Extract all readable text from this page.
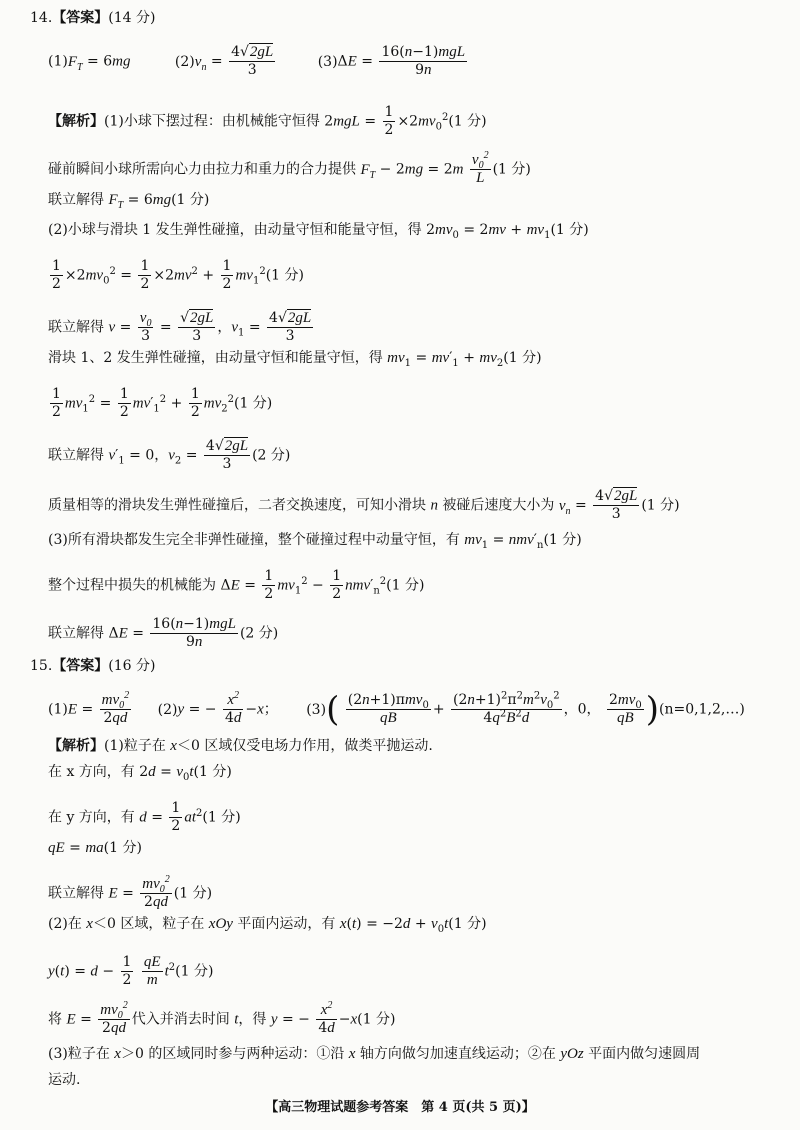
14.【答案】(14 分)
$(1)F_T = 6mg$	$(2)v_n = \frac{4√2gL}{3}$	$(3)\Delta E = \frac{\text{16(n−1)mgL}}{9n}$
【解析】(1)小球下摆过程：由机械能守恒得 $2mgL = \frac{1}{2} \times 2mv_0^2(1$ 分)
碰前瞬间小球所需向心力由拉力和重力的合力提供 $F_T - 2mg = 2m \frac{v_0^2}{L} (1$ 分)
联立解得 $F_T = 6mg(1$ 分)
(2)小球与滑块 1 发生弹性碰撞，由动量守恒和能量守恒，得 $2mv_0 = 2mv + mv_1(1$ 分)
$\frac{1}{2} \times 2mv_0^2 = \frac{1}{2} \times 2mv^2 + \frac{1}{2} mv_1^2(1$ 分)
联立解得 $v = \frac{v_0}{3} = \frac{√2gL}{3}$ ，$v_1 = \frac{4√2gL}{3}$
滑块 1、2 发生弹性碰撞，由动量守恒和能量守恒，得 $mv_1 = mv'_1 + mv_2(1$ 分)
$\frac{1}{2} mv_1^2 = \frac{1}{2} mv'_1^2 + \frac{1}{2} mv_2^2(1$ 分)
联立解得 $v'_1 = 0$，$v_2 = \frac{4√2gL}{3} (2$ 分)
质量相等的滑块发生弹性碰撞后，二者交换速度，可知小滑块 n 被碰后速度大小为 $v_n = \frac{4√2gL}{3} (1$ 分)
(3)所有滑块都发生完全非弹性碰撞，整个碰撞过程中动量守恒，有 $mv_1 = nmv'_n(1$ 分)
整个过程中损失的机械能为 $\Delta E = \frac{1}{2} mv_1^2 - \frac{1}{2} nmv'_n^2(1$ 分)
联立解得 $\Delta E = \frac{\text{16(n−1)mgL}}{9n} (2$ 分)
15.【答案】(16 分)
$(1)E = \frac{mv_0^2}{2qd} (2)y$ = − $\frac{x^2}{4d} -x$； $(3)( \frac{(2n+1)\pi mv_0}{qB} + \frac{(2n+1)^2\pi^2m^2v_0^2}{4q^2B^2d}$ ，0， $\frac{2mv_0}{qB}$ )(n=0,1,2,…)
【解析】(1)粒子在 x＜0 区域仅受电场力作用，做类平抛运动.
在 x 方向，有 $2d = v_0t(1$ 分)
在 y 方向，有 $d = \frac{1}{2} at^2(1$ 分)
qE = ma(1 分)
联立解得 $E = \frac{mv_0^2}{2qd} (1$ 分)
(2)在 x＜0 区域，粒子在 xOy 平面内运动，有 $x(t) = -2d + v_0t(1$ 分)
$y(t) = d - \frac{1}{2}$
$\frac{qE}{m} t^2(1$ 分)
将 $E = \frac{mv_0^2}{2qd}$ 代入并消去时间 t，得 y = − $\frac{x^2}{4d} -x(1$ 分)
(3)粒子在 x＞0 的区域同时参与两种运动：①沿 x 轴方向做匀加速直线运动；②在 yOz 平面内做匀速圆周
运动.
【高三物理试题参考答案　第 4 页(共 5 页)】
